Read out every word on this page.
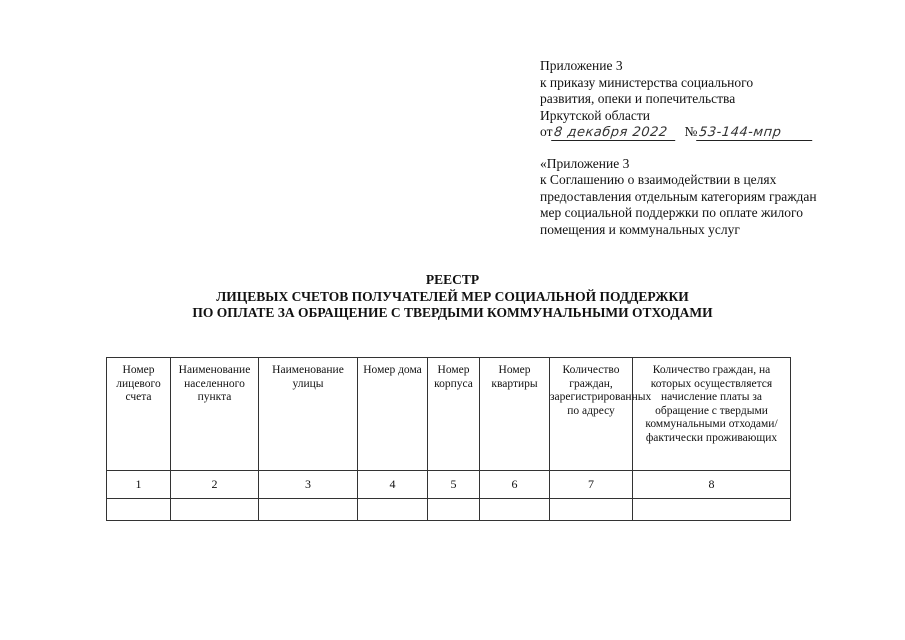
Приложение 3
к приказу министерства социального
развития, опеки и попечительства
Иркутской области
от 8 декабря 2022	№ 53-144-мпр
«Приложение 3
к Соглашению о взаимодействии в целях
предоставления отдельным категориям граждан
мер социальной поддержки по оплате жилого
помещения и коммунальных услуг
РЕЕСТР
ЛИЦЕВЫХ СЧЕТОВ ПОЛУЧАТЕЛЕЙ МЕР СОЦИАЛЬНОЙ ПОДДЕРЖКИ
ПО ОПЛАТЕ ЗА ОБРАЩЕНИЕ С ТВЕРДЫМИ КОММУНАЛЬНЫМИ ОТХОДАМИ
Номер лицевого счета	Наименование населенного пункта	Наименование улицы	Номер дома	Номер корпуса	Номер квартиры	Количество граждан, зарегистрированных по адресу	Количество граждан, на которых осуществляется начисление платы за обращение с твердыми коммунальными отходами/фактически проживающих
1	2	3	4	5	6	7	8
